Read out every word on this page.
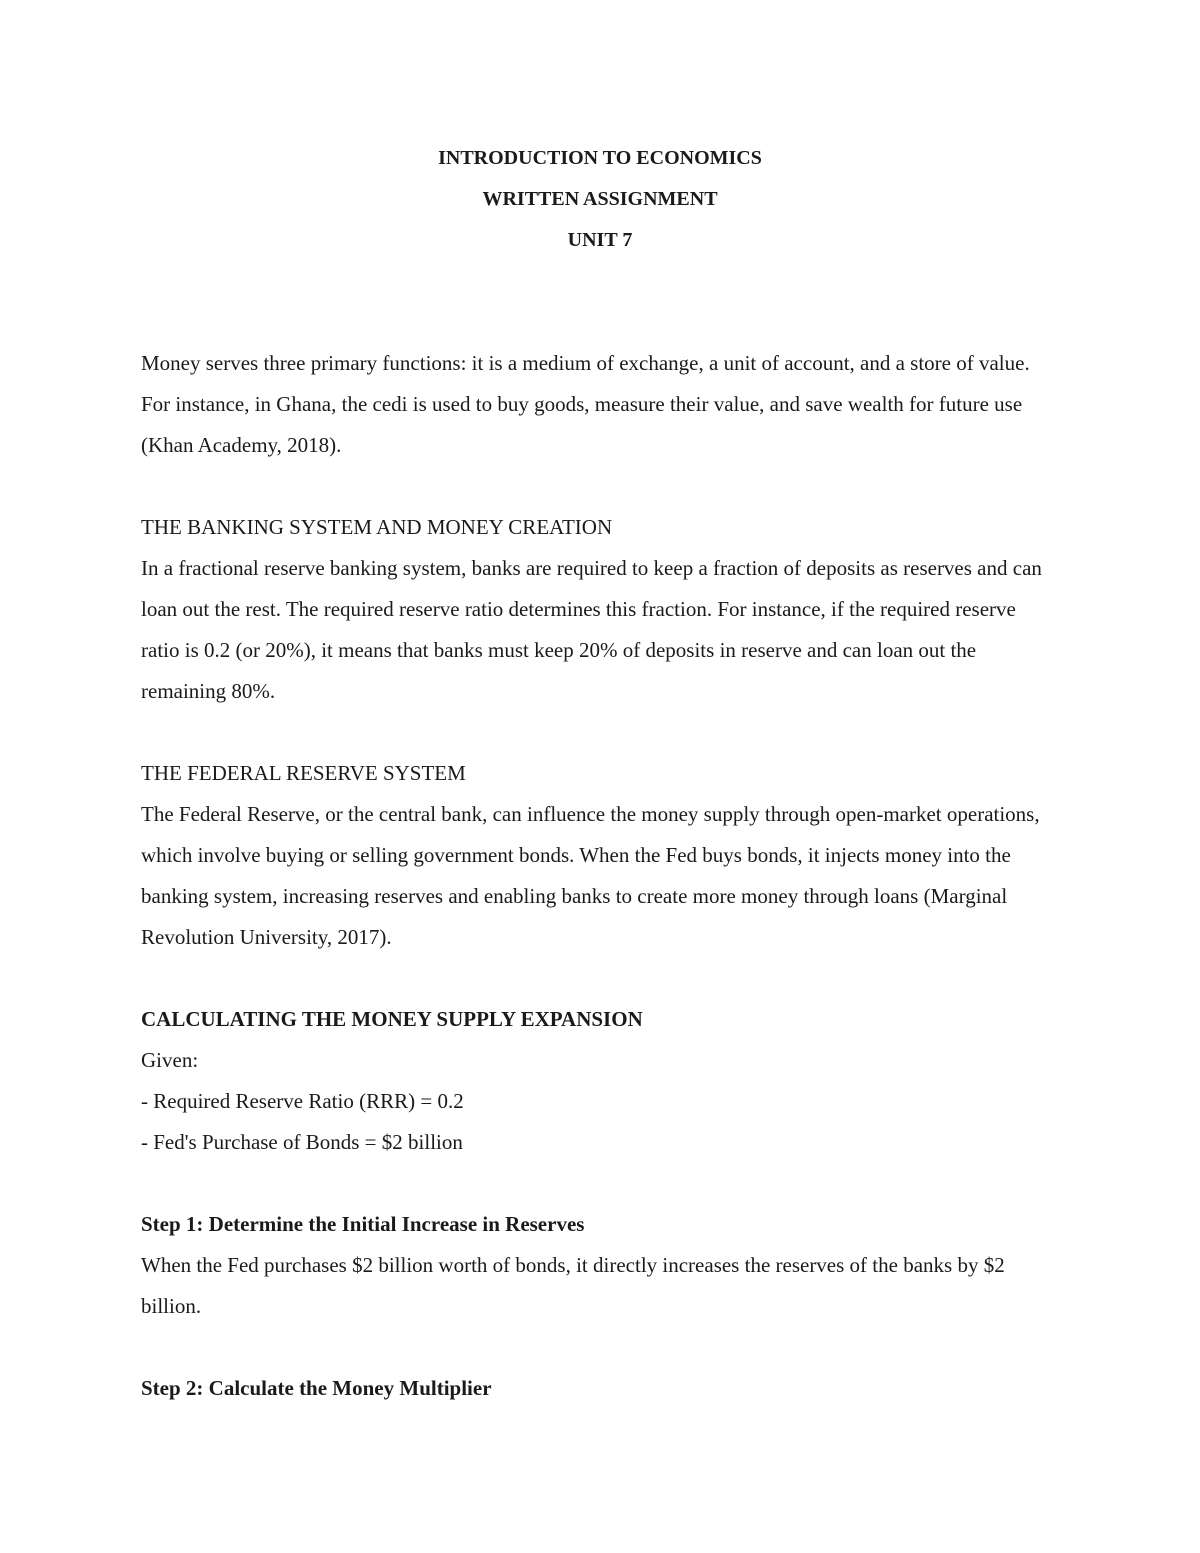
INTRODUCTION TO ECONOMICS
WRITTEN ASSIGNMENT
UNIT 7

Money serves three primary functions: it is a medium of exchange, a unit of account, and a store of value. For instance, in Ghana, the cedi is used to buy goods, measure their value, and save wealth for future use (Khan Academy, 2018).

THE BANKING SYSTEM AND MONEY CREATION

In a fractional reserve banking system, banks are required to keep a fraction of deposits as reserves and can loan out the rest. The required reserve ratio determines this fraction. For instance, if the required reserve ratio is 0.2 (or 20%), it means that banks must keep 20% of deposits in reserve and can loan out the remaining 80%.

THE FEDERAL RESERVE SYSTEM

The Federal Reserve, or the central bank, can influence the money supply through open-market operations, which involve buying or selling government bonds. When the Fed buys bonds, it injects money into the banking system, increasing reserves and enabling banks to create more money through loans (Marginal Revolution University, 2017).

CALCULATING THE MONEY SUPPLY EXPANSION

Given:

- Required Reserve Ratio (RRR) = 0.2
- Fed's Purchase of Bonds = $2 billion

Step 1: Determine the Initial Increase in Reserves

When the Fed purchases $2 billion worth of bonds, it directly increases the reserves of the banks by $2 billion.

Step 2: Calculate the Money Multiplier
